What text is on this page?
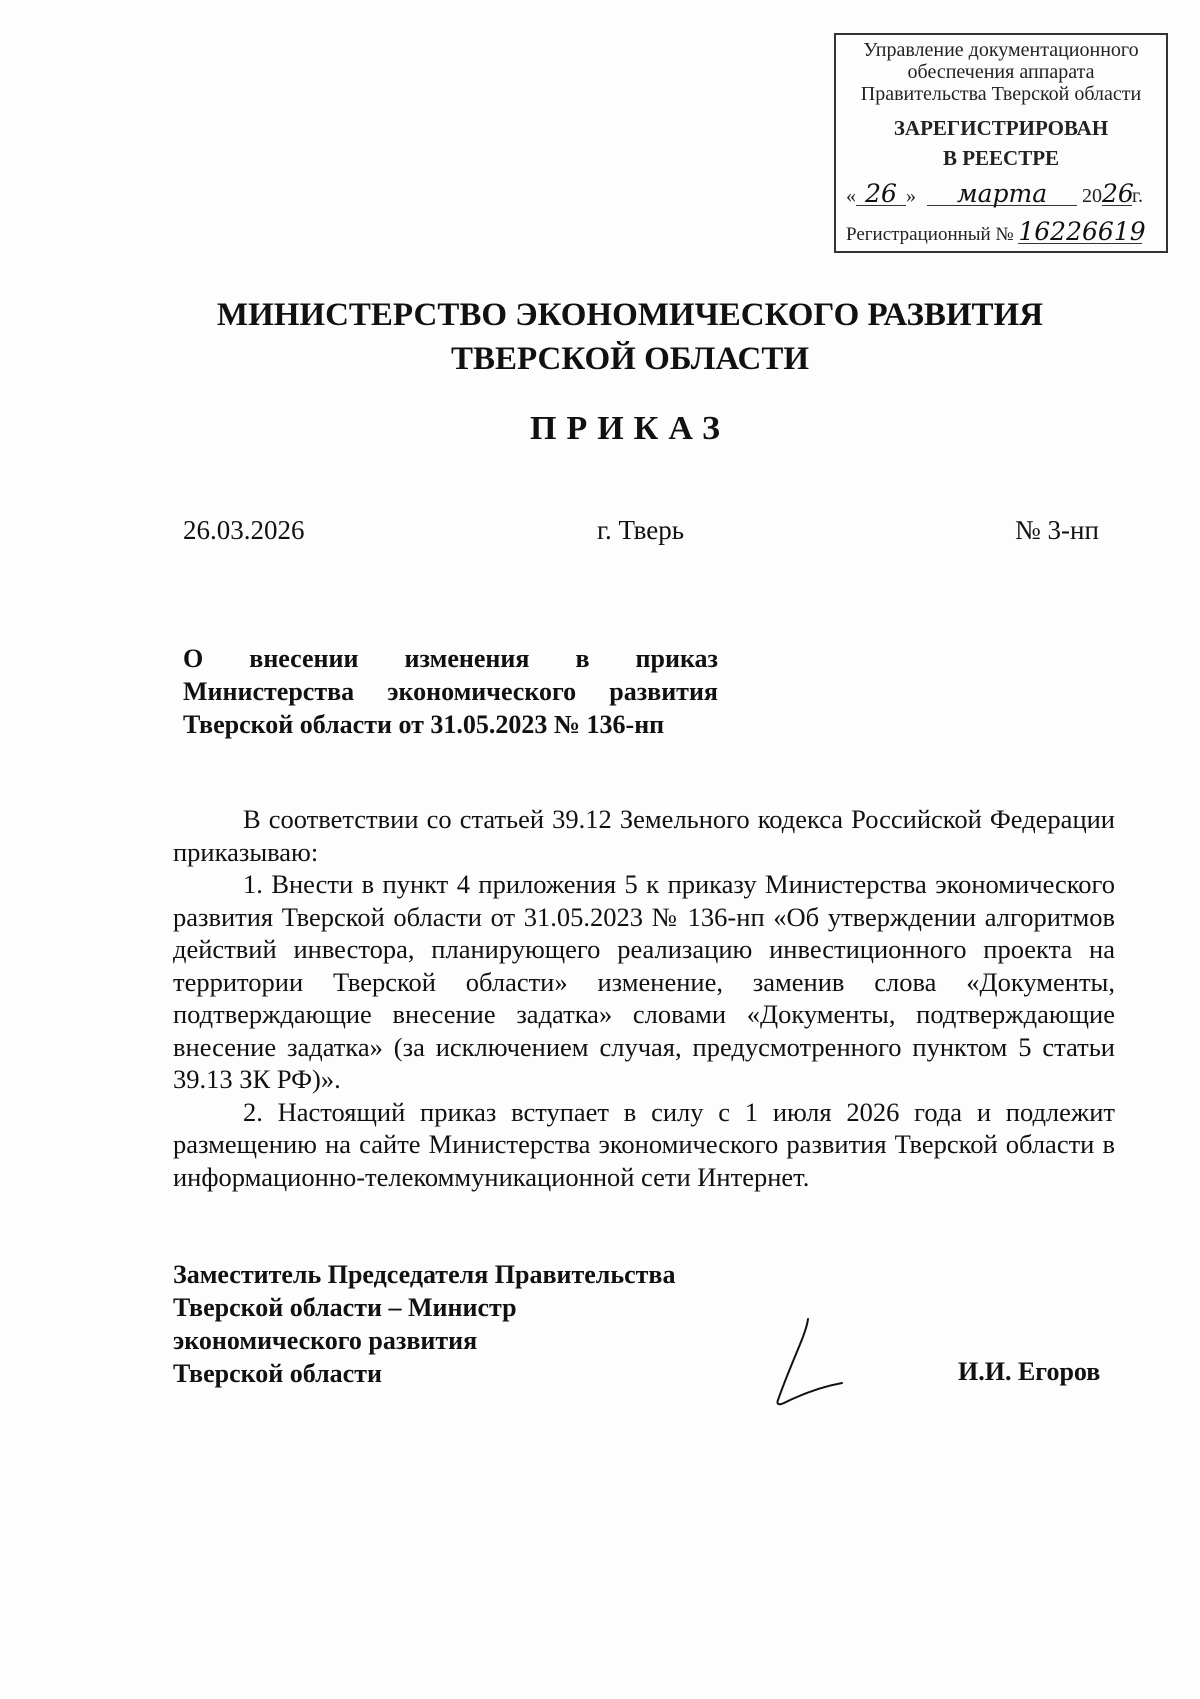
Управление документационного
обеспечения аппарата
Правительства Тверской области
ЗАРЕГИСТРИРОВАН
В РЕЕСТРЕ
« 26 » марта 2026г.
Регистрационный № 16226619
МИНИСТЕРСТВО ЭКОНОМИЧЕСКОГО РАЗВИТИЯ
ТВЕРСКОЙ ОБЛАСТИ
ПРИКАЗ
26.03.2026	г. Тверь	№ 3-нп
О внесении изменения в приказ
Министерства экономического развития
Тверской области от 31.05.2023 № 136-нп

В соответствии со статьей 39.12 Земельного кодекса Российской Федерации приказываю:

1. Внести в пункт 4 приложения 5 к приказу Министерства экономического развития Тверской области от 31.05.2023 № 136-нп «Об утверждении алгоритмов действий инвестора, планирующего реализацию инвестиционного проекта на территории Тверской области» изменение, заменив слова «Документы, подтверждающие внесение задатка» словами «Документы, подтверждающие внесение задатка» (за исключением случая, предусмотренного пунктом 5 статьи 39.13 ЗК РФ)».

2. Настоящий приказ вступает в силу с 1 июля 2026 года и подлежит размещению на сайте Министерства экономического развития Тверской области в информационно-телекоммуникационной сети Интернет.

Заместитель Председателя Правительства
Тверской области – Министр
экономического развития
Тверской области	И.И. Егоров
